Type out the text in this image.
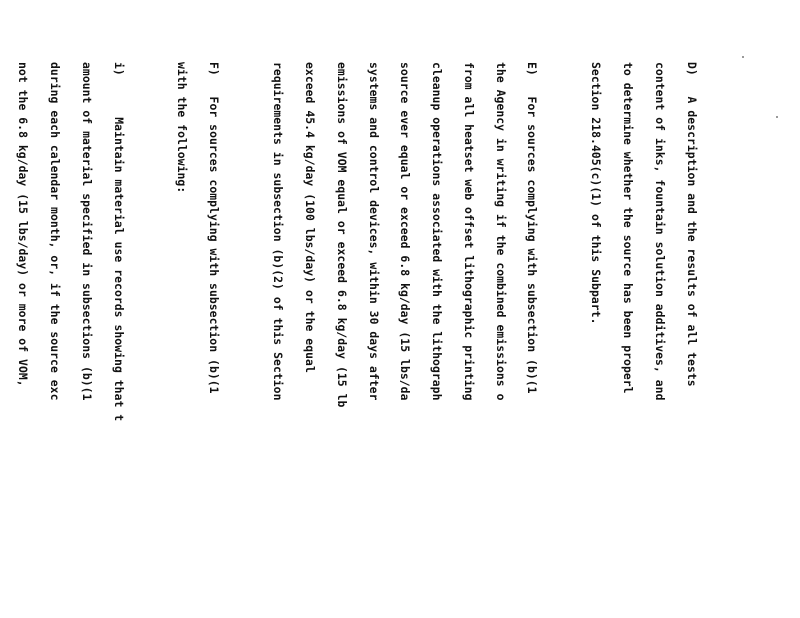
D)   A description and the results of all tests

content of inks, fountain solution additives, and

to determine whether the source has been properl

Section 218.405(c)(1) of this Subpart.

E)   For sources complying with subsection (b)(1

the Agency in writing if the combined emissions o

from all heatset web offset lithographic printing

cleanup operations associated with the lithograph

source ever equal or exceed 6.8 kg/day (15 lbs/da

systems and control devices, within 30 days after

emissions of VOM equal or exceed 6.8 kg/day (15 lb

exceed 45.4 kg/day (100 lbs/day) or the equal

requirements in subsection (b)(2) of this Section

F)   For sources complying with subsection (b)(1

with the following:

i)      Maintain material use records showing that t

amount of material specified in subsections (b)(1

during each calendar month, or, if the source exc

not the 6.8 kg/day (15 lbs/day) or more of VOM,
